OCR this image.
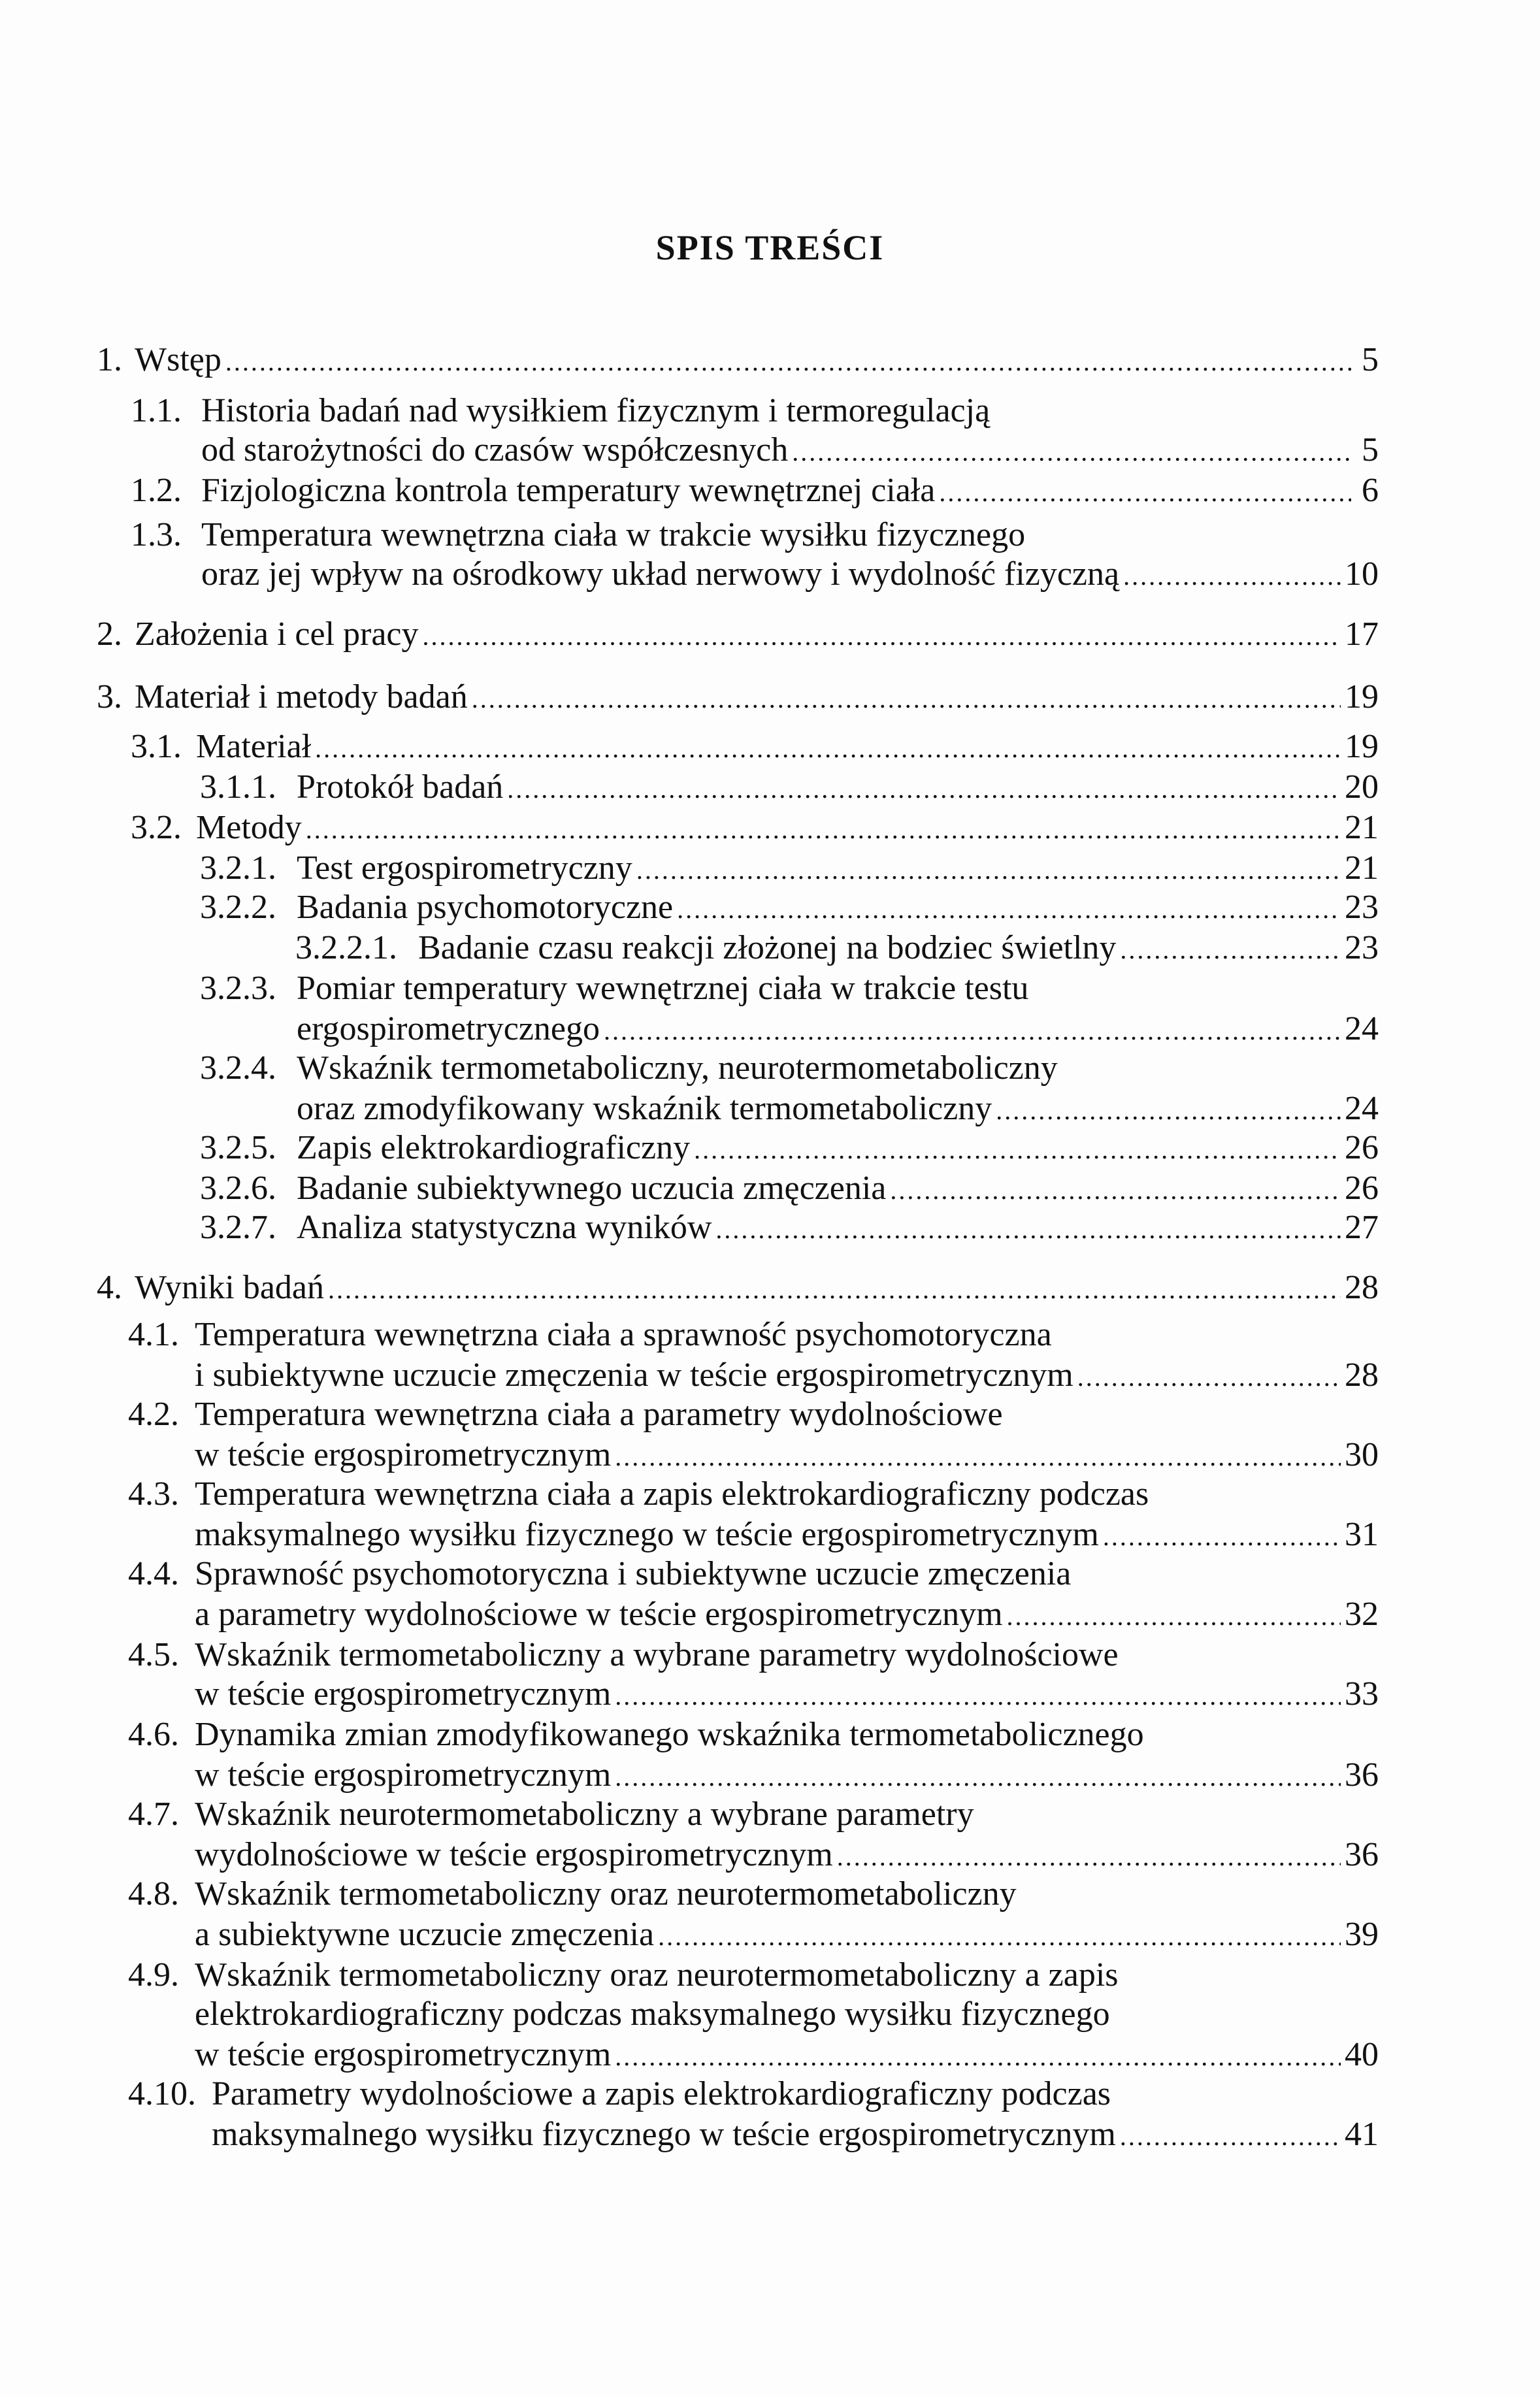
SPIS TREŚCI
1. Wstęp .....	5
1.1. Historia badań nad wysiłkiem fizycznym i termoregulacją
od starożytności do czasów współczesnych .....	5
1.2. Fizjologiczna kontrola temperatury wewnętrznej ciała .....	6
1.3. Temperatura wewnętrzna ciała w trakcie wysiłku fizycznego
oraz jej wpływ na ośrodkowy układ nerwowy i wydolność fizyczną .....	10
2. Założenia i cel pracy .....	17
3. Materiał i metody badań .....	19
3.1. Materiał .....	19
3.1.1. Protokół badań .....	20
3.2. Metody .....	21
3.2.1. Test ergospirometryczny .....	21
3.2.2. Badania psychomotoryczne .....	23
3.2.2.1. Badanie czasu reakcji złożonej na bodziec świetlny .....	23
3.2.3. Pomiar temperatury wewnętrznej ciała w trakcie testu
ergospirometrycznego .....	24
3.2.4. Wskaźnik termometaboliczny, neurotermometaboliczny
oraz zmodyfikowany wskaźnik termometaboliczny .....	24
3.2.5. Zapis elektrokardiograficzny .....	26
3.2.6. Badanie subiektywnego uczucia zmęczenia .....	26
3.2.7. Analiza statystyczna wyników .....	27
4. Wyniki badań .....	28
4.1. Temperatura wewnętrzna ciała a sprawność psychomotoryczna
i subiektywne uczucie zmęczenia w teście ergospirometrycznym .....	28
4.2. Temperatura wewnętrzna ciała a parametry wydolnościowe
w teście ergospirometrycznym .....	30
4.3. Temperatura wewnętrzna ciała a zapis elektrokardiograficzny podczas
maksymalnego wysiłku fizycznego w teście ergospirometrycznym .....	31
4.4. Sprawność psychomotoryczna i subiektywne uczucie zmęczenia
a parametry wydolnościowe w teście ergospirometrycznym .....	32
4.5. Wskaźnik termometaboliczny a wybrane parametry wydolnościowe
w teście ergospirometrycznym .....	33
4.6. Dynamika zmian zmodyfikowanego wskaźnika termometabolicznego
w teście ergospirometrycznym .....	36
4.7. Wskaźnik neurotermometaboliczny a wybrane parametry
wydolnościowe w teście ergospirometrycznym .....	36
4.8. Wskaźnik termometaboliczny oraz neurotermometaboliczny
a subiektywne uczucie zmęczenia .....	39
4.9. Wskaźnik termometaboliczny oraz neurotermometaboliczny a zapis
elektrokardiograficzny podczas maksymalnego wysiłku fizycznego
w teście ergospirometrycznym .....	40
4.10. Parametry wydolnościowe a zapis elektrokardiograficzny podczas
maksymalnego wysiłku fizycznego w teście ergospirometrycznym .....	41
